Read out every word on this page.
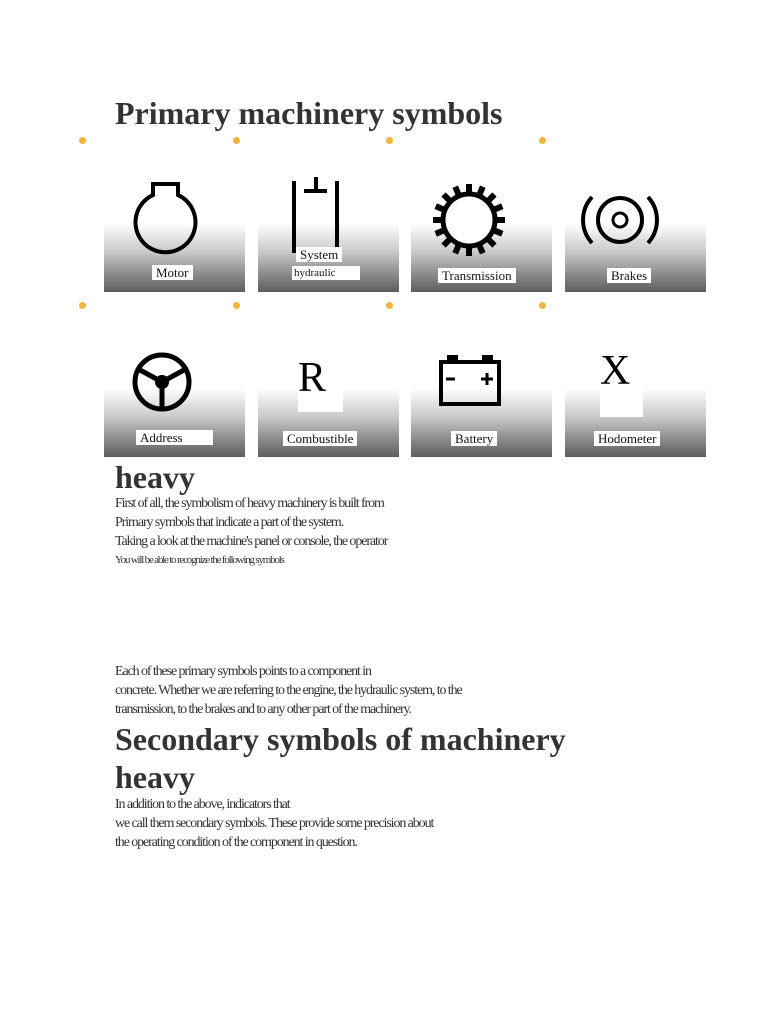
Primary machinery symbols
Motor
System
hydraulic	Transmission	Brakes
Address
R
Combustible	Battery
X
Hodometer
heavy
First of all, the symbolism of heavy machinery is built from
Primary symbols that indicate a part of the system.
Taking a look at the machine's panel or console, the operator
You will be able to recognize the following symbols
Each of these primary symbols points to a component in
concrete. Whether we are referring to the engine, the hydraulic system, to the
transmission, to the brakes and to any other part of the machinery.
Secondary symbols of machinery
heavy
In addition to the above, indicators that
we call them secondary symbols. These provide some precision about
the operating condition of the component in question.
